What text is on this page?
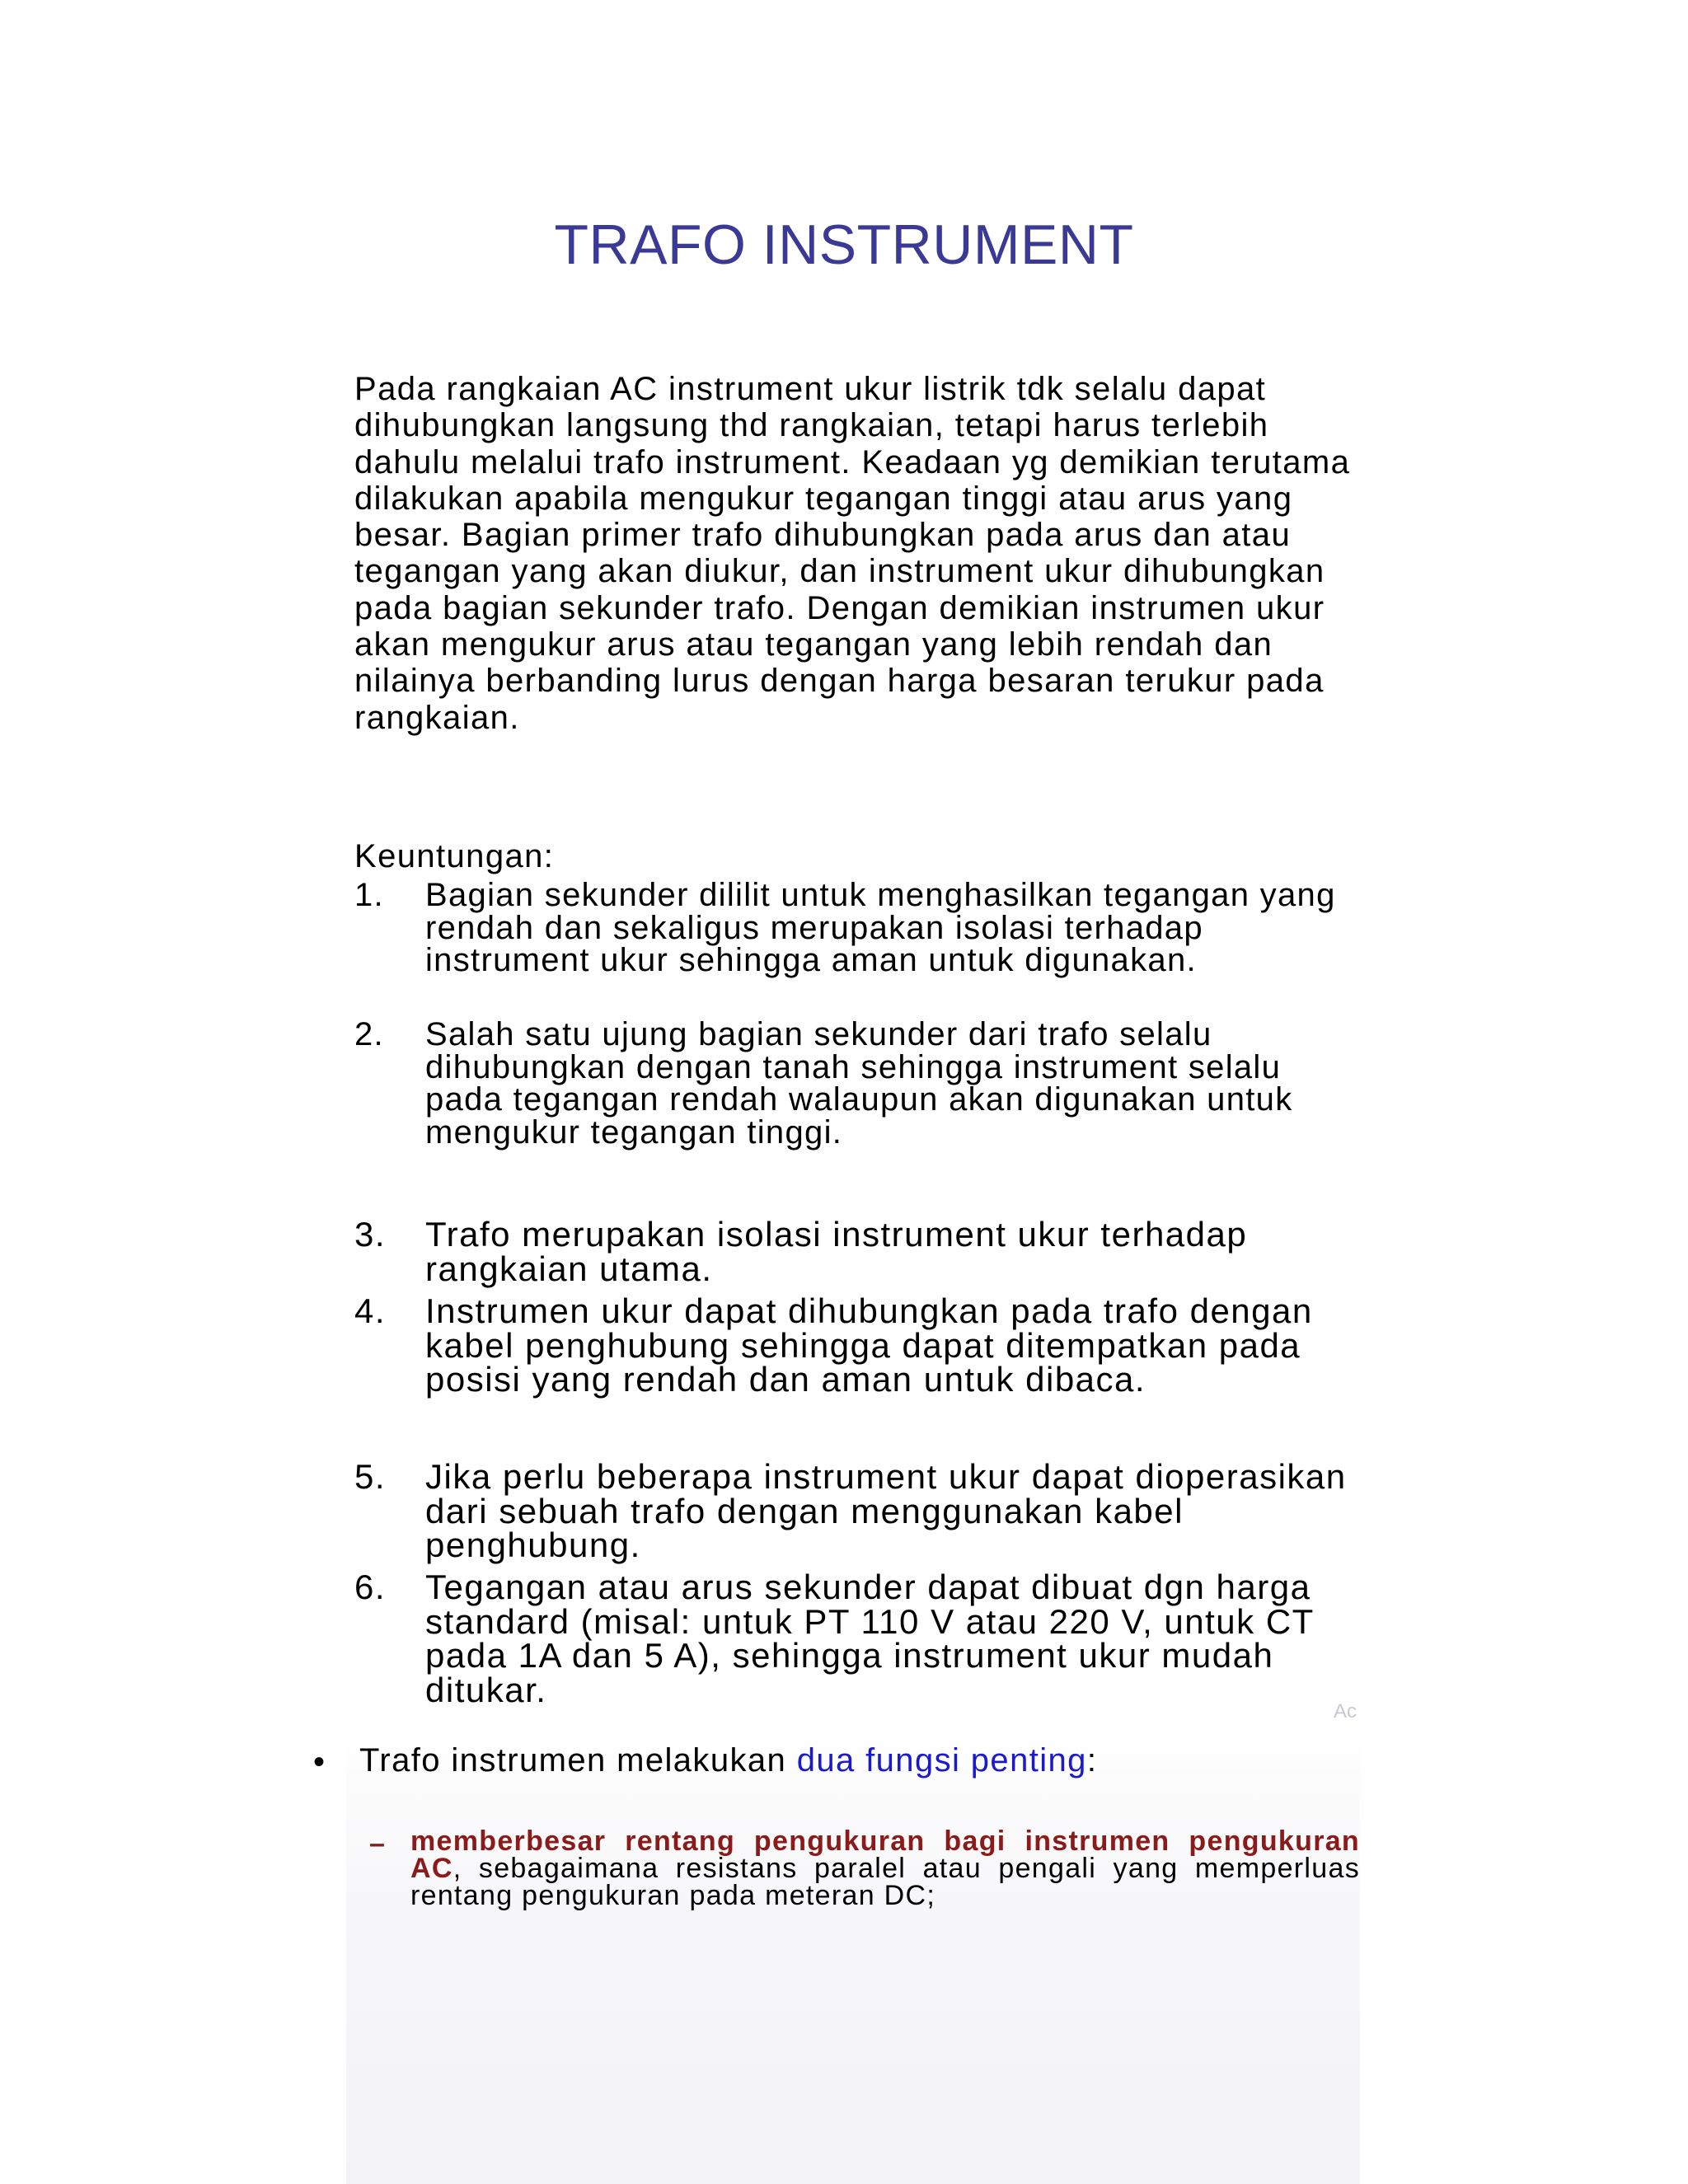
TRAFO INSTRUMENT

Pada rangkaian AC instrument ukur listrik tdk selalu dapat dihubungkan langsung thd rangkaian, tetapi harus terlebih dahulu melalui trafo instrument. Keadaan yg demikian terutama dilakukan apabila mengukur tegangan tinggi atau arus yang besar. Bagian primer trafo dihubungkan pada arus dan atau tegangan yang akan diukur, dan instrument ukur dihubungkan pada bagian sekunder trafo. Dengan demikian instrumen ukur akan mengukur arus atau tegangan yang lebih rendah dan nilainya berbanding lurus dengan harga besaran terukur pada rangkaian.

Keuntungan:
1. Bagian sekunder dililit untuk menghasilkan tegangan yang rendah dan sekaligus merupakan isolasi terhadap instrument ukur sehingga aman untuk digunakan.

2. Salah satu ujung bagian sekunder dari trafo selalu dihubungkan dengan tanah sehingga instrument selalu pada tegangan rendah walaupun akan digunakan untuk mengukur tegangan tinggi.

3. Trafo merupakan isolasi instrument ukur terhadap rangkaian utama.

4. Instrumen ukur dapat dihubungkan pada trafo dengan kabel penghubung sehingga dapat ditempatkan pada posisi yang rendah dan aman untuk dibaca.

5. Jika perlu beberapa instrument ukur dapat dioperasikan dari sebuah trafo dengan menggunakan kabel penghubung.

6. Tegangan atau arus sekunder dapat dibuat dgn harga standard (misal: untuk PT 110 V atau 220 V, untuk CT pada 1A dan 5 A), sehingga instrument ukur mudah ditukar.

Ac
• Trafo instrumen melakukan dua fungsi penting:

– memberbesar rentang pengukuran bagi instrumen pengukuran AC, sebagaimana resistans paralel atau pengali yang memperluas rentang pengukuran pada meteran DC;
